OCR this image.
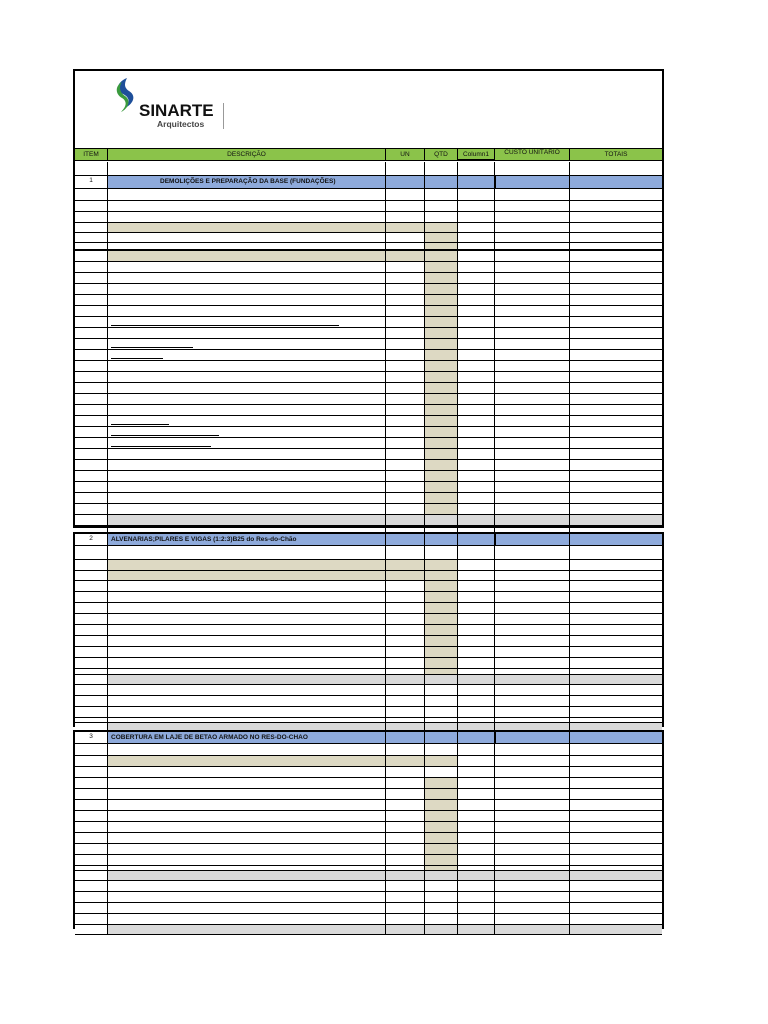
SINARTE
Arquitectos
ITEM	DESCRIÇÃO	UN	QTD	Column1	CUSTO UNITÁRIO	TOTAIS
1	DEMOLIÇÕES E PREPARAÇÃO DA BASE (FUNDAÇÕES)
2	ALVENARIAS;PILARES E VIGAS (1:2:3)B25 do Res-do-Chão
3	COBERTURA EM LAJE DE BETAO ARMADO NO RES-DO-CHAO
